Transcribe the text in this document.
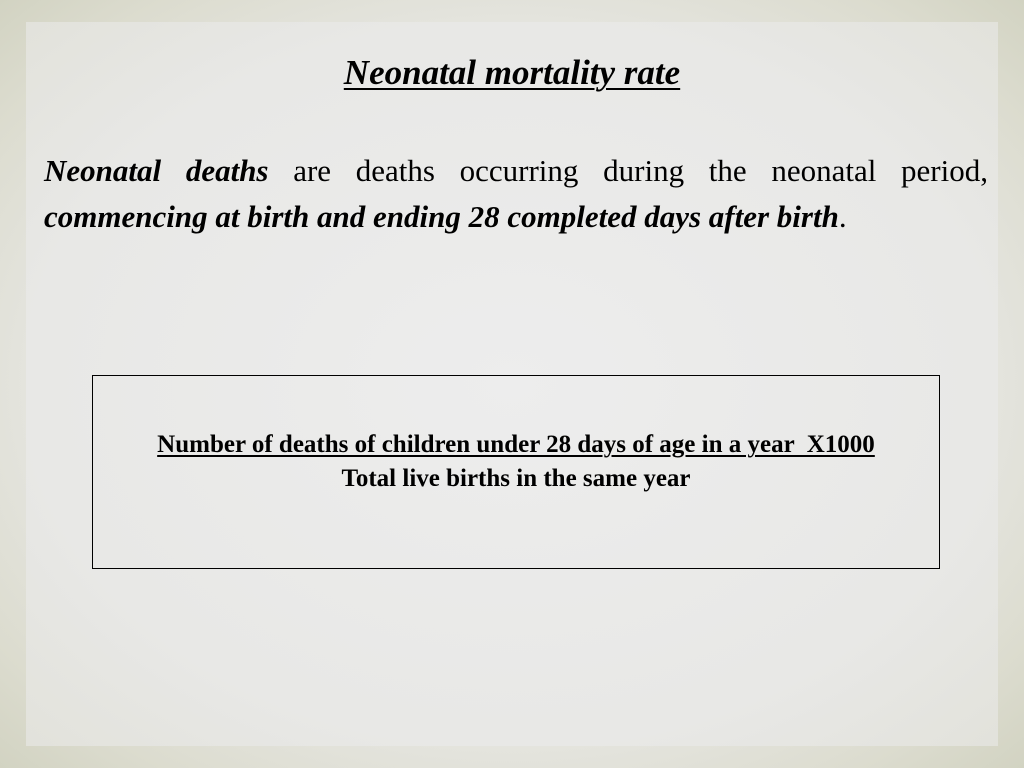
Neonatal mortality rate
Neonatal deaths are deaths occurring during the neonatal period, commencing at birth and ending 28 completed days after birth.
Number of deaths of children under 28 days of age in a year  X1000
Total live births in the same year
